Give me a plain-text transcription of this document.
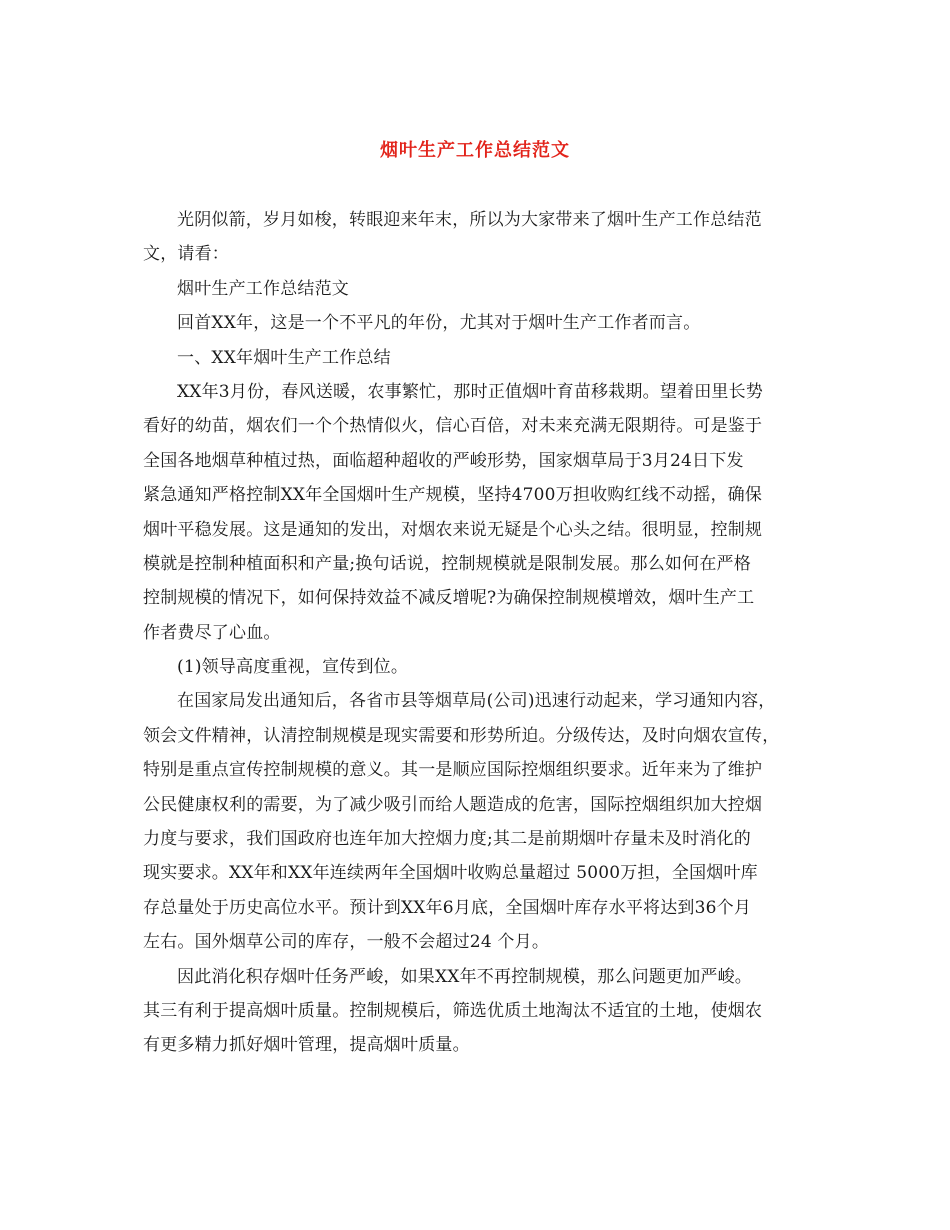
烟叶生产工作总结范文
光阴似箭，岁月如梭，转眼迎来年末，所以为大家带来了烟叶生产工作总结范
文，请看：
烟叶生产工作总结范文
回首XX年，这是一个不平凡的年份，尤其对于烟叶生产工作者而言。
一、XX年烟叶生产工作总结
XX年3月份，春风送暖，农事繁忙，那时正值烟叶育苗移栽期。望着田里长势
看好的幼苗，烟农们一个个热情似火，信心百倍，对未来充满无限期待。可是鉴于
全国各地烟草种植过热，面临超种超收的严峻形势，国家烟草局于3月24日下发
紧急通知严格控制XX年全国烟叶生产规模，坚持4700万担收购红线不动摇，确保
烟叶平稳发展。这是通知的发出，对烟农来说无疑是个心头之结。很明显，控制规
模就是控制种植面积和产量;换句话说，控制规模就是限制发展。那么如何在严格
控制规模的情况下，如何保持效益不减反增呢?为确保控制规模增效，烟叶生产工
作者费尽了心血。
(1)领导高度重视，宣传到位。
在国家局发出通知后，各省市县等烟草局(公司)迅速行动起来，学习通知内容，
领会文件精神，认清控制规模是现实需要和形势所迫。分级传达，及时向烟农宣传，
特别是重点宣传控制规模的意义。其一是顺应国际控烟组织要求。近年来为了维护
公民健康权利的需要，为了减少吸引而给人题造成的危害，国际控烟组织加大控烟
力度与要求，我们国政府也连年加大控烟力度;其二是前期烟叶存量未及时消化的
现实要求。XX年和XX年连续两年全国烟叶收购总量超过 5000万担，全国烟叶库
存总量处于历史高位水平。预计到XX年6月底，全国烟叶库存水平将达到36个月
左右。国外烟草公司的库存，一般不会超过24 个月。
因此消化积存烟叶任务严峻，如果XX年不再控制规模，那么问题更加严峻。
其三有利于提高烟叶质量。控制规模后，筛选优质土地淘汰不适宜的土地，使烟农
有更多精力抓好烟叶管理，提高烟叶质量。
